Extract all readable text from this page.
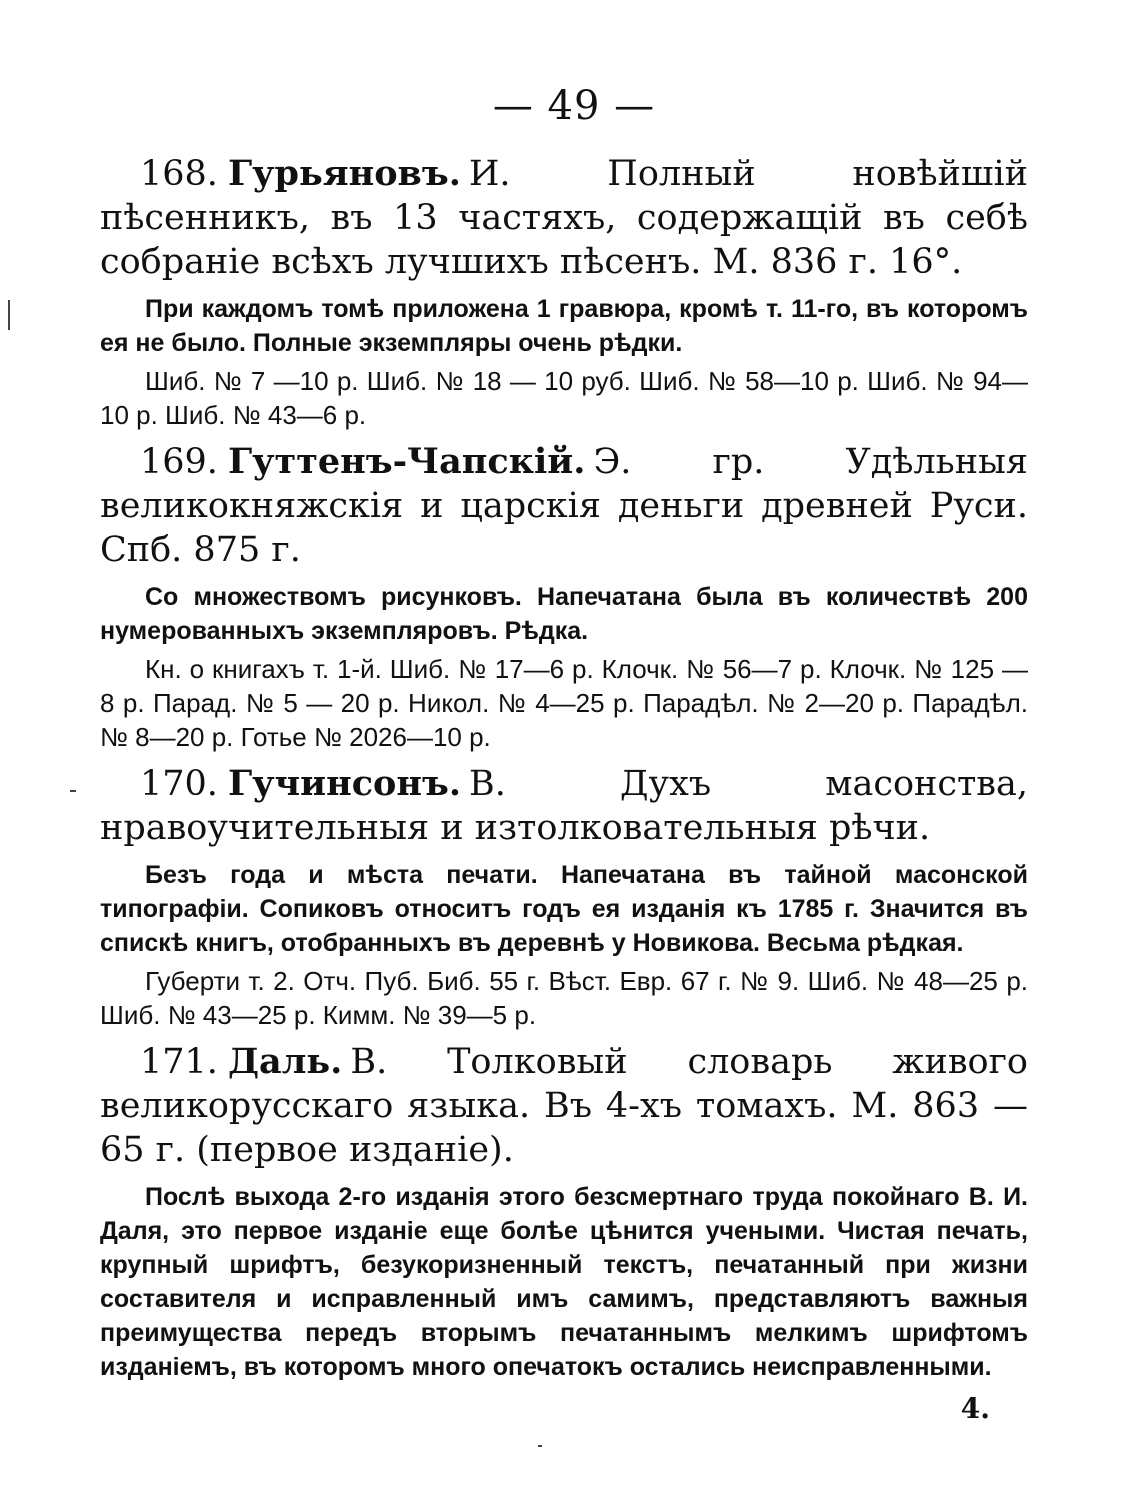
— 49 —

168. Гурьяновъ. И. Полный новѣйшій пѣсенникъ, въ 13 частяхъ, содержащій въ себѣ собраніе всѣхъ лучшихъ пѣсенъ. М. 836 г. 16°.

При каждомъ томѣ приложена 1 гравюра, кромѣ т. 11-го, въ которомъ ея не было. Полные экземпляры очень рѣдки.

Шиб. № 7 —10 р. Шиб. № 18 — 10 руб. Шиб. № 58—10 р. Шиб. № 94—10 р. Шиб. № 43—6 р.

169. Гуттенъ-Чапскій. Э. гр. Удѣльныя великокняжскія и царскія деньги древней Руси. Спб. 875 г.

Со множествомъ рисунковъ. Напечатана была въ количествѣ 200 нумерованныхъ экземпляровъ. Рѣдка.

Кн. о книгахъ т. 1-й. Шиб. № 17—6 р. Клочк. № 56—7 р. Клочк. № 125 — 8 р. Парад. № 5 — 20 р. Никол. № 4—25 р. Парадѣл. № 2—20 р. Парадѣл. № 8—20 р. Готье № 2026—10 р.

170. Гучинсонъ. В. Духъ масонства, нравоучительныя и изтолковательныя рѣчи.

Безъ года и мѣста печати. Напечатана въ тайной масонской типографіи. Сопиковъ относитъ годъ ея изданія къ 1785 г. Значится въ спискѣ книгъ, отобранныхъ въ деревнѣ у Новикова. Весьма рѣдкая.

Губерти т. 2. Отч. Пуб. Биб. 55 г. Вѣст. Евр. 67 г. № 9. Шиб. № 48—25 р. Шиб. № 43—25 р. Кимм. № 39—5 р.

171. Даль. В. Толковый словарь живого великорусскаго языка. Въ 4-хъ томахъ. М. 863 — 65 г. (первое изданіе).

Послѣ выхода 2-го изданія этого безсмертнаго труда покойнаго В. И. Даля, это первое изданіе еще болѣе цѣнится учеными. Чистая печать, крупный шрифтъ, безукоризненный текстъ, печатанный при жизни составителя и исправленный имъ самимъ, представляютъ важныя преимущества передъ вторымъ печатаннымъ мелкимъ шрифтомъ изданіемъ, въ которомъ много опечатокъ остались неисправленными.

4.
